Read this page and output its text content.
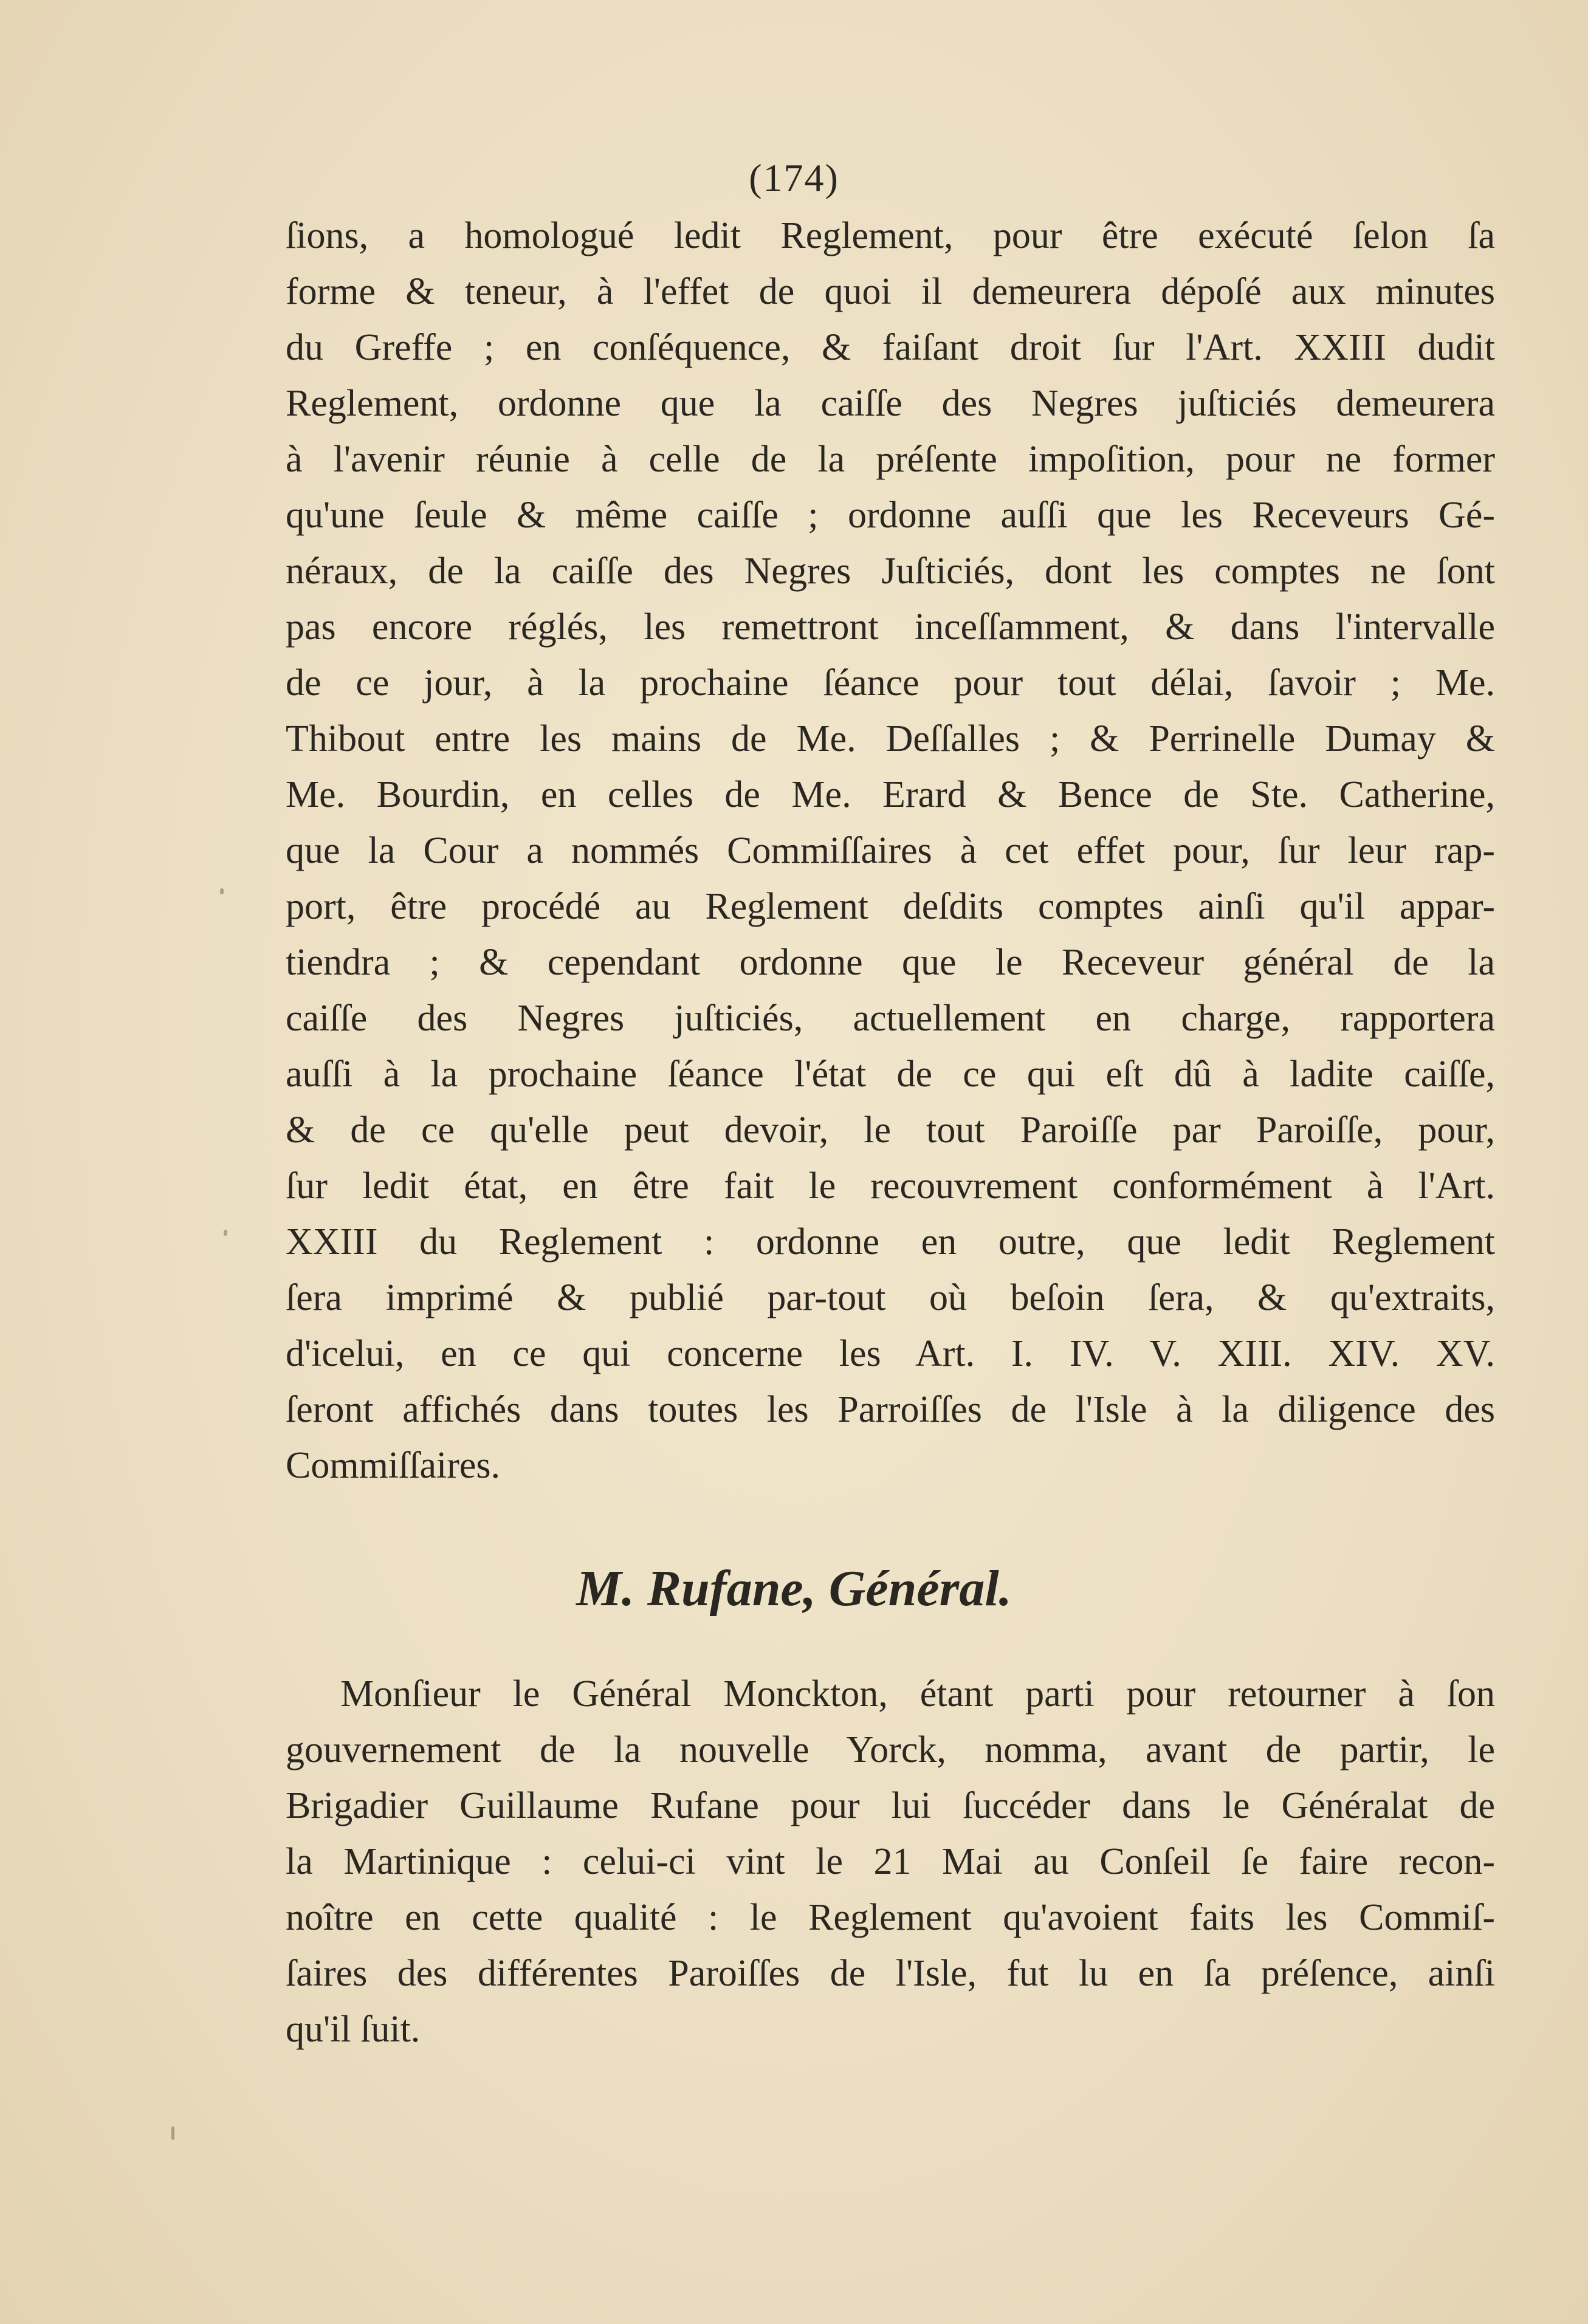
(174)
ſions, a homologué ledit Reglement, pour être exécuté ſelon ſa
forme & teneur, à l'effet de quoi il demeurera dépoſé aux minutes
du Greffe ; en conſéquence, & faiſant droit ſur l'Art. XXIII dudit
Reglement, ordonne que la caiſſe des Negres juſticiés demeurera
à l'avenir réunie à celle de la préſente impoſition, pour ne former
qu'une ſeule & même caiſſe ; ordonne auſſi que les Receveurs Gé-
néraux, de la caiſſe des Negres Juſticiés, dont les comptes ne ſont
pas encore réglés, les remettront inceſſamment, & dans l'intervalle
de ce jour, à la prochaine ſéance pour tout délai, ſavoir ; Me.
Thibout entre les mains de Me. Deſſalles ; & Perrinelle Dumay &
Me. Bourdin, en celles de Me. Erard & Bence de Ste. Catherine,
que la Cour a nommés Commiſſaires à cet effet pour, ſur leur rap-
port, être procédé au Reglement deſdits comptes ainſi qu'il appar-
tiendra ; & cependant ordonne que le Receveur général de la
caiſſe des Negres juſticiés, actuellement en charge, rapportera
auſſi à la prochaine ſéance l'état de ce qui eſt dû à ladite caiſſe,
& de ce qu'elle peut devoir, le tout Paroiſſe par Paroiſſe, pour,
ſur ledit état, en être fait le recouvrement conformément à l'Art.
XXIII du Reglement : ordonne en outre, que ledit Reglement
ſera imprimé & publié par-tout où beſoin ſera, & qu'extraits,
d'icelui, en ce qui concerne les Art. I. IV. V. XIII. XIV. XV.
ſeront affichés dans toutes les Parroiſſes de l'Isle à la diligence des
Commiſſaires.
M. Rufane, Général.
Monſieur le Général Monckton, étant parti pour retourner à ſon
gouvernement de la nouvelle Yorck, nomma, avant de partir, le
Brigadier Guillaume Rufane pour lui ſuccéder dans le Généralat de
la Martinique : celui-ci vint le 21 Mai au Conſeil ſe faire recon-
noître en cette qualité : le Reglement qu'avoient faits les Commiſ-
ſaires des différentes Paroiſſes de l'Isle, fut lu en ſa préſence, ainſi
qu'il ſuit.
